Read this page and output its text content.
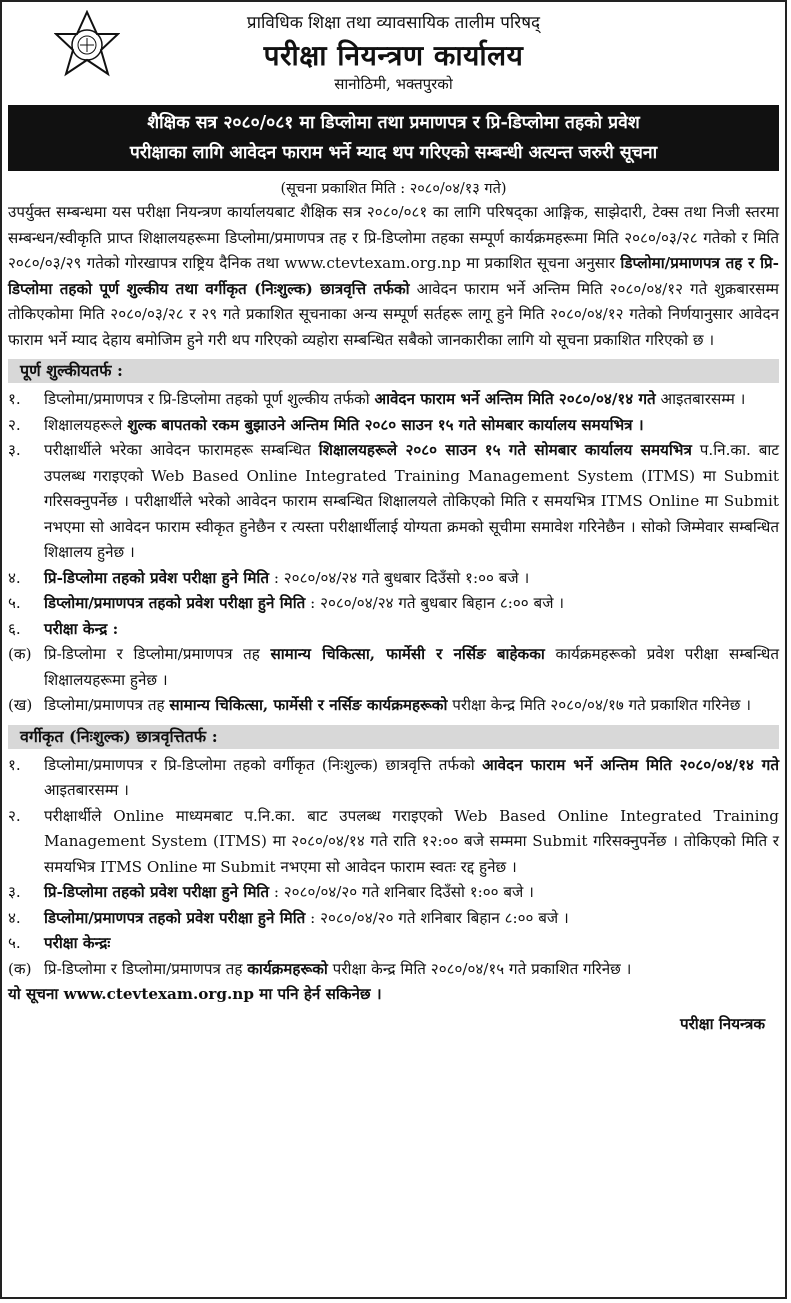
प्राविधिक शिक्षा तथा व्यावसायिक तालीम परिषद्
परीक्षा नियन्त्रण कार्यालय
सानोठिमी, भक्तपुरको
शैक्षिक सत्र २०८०/०८१ मा डिप्लोमा तथा प्रमाणपत्र र प्रि-डिप्लोमा तहको प्रवेश
परीक्षाका लागि आवेदन फाराम भर्ने म्याद थप गरिएको सम्बन्धी अत्यन्त जरुरी सूचना
(सूचना प्रकाशित मिति : २०८०/०४/१३ गते)

उपर्युक्त सम्बन्धमा यस परीक्षा नियन्त्रण कार्यालयबाट शैक्षिक सत्र २०८०/०८१ का लागि परिषद्का आङ्गिक, साझेदारी, टेक्स तथा निजी स्तरमा सम्बन्धन/स्वीकृति प्राप्त शिक्षालयहरूमा डिप्लोमा/प्रमाणपत्र तह र प्रि-डिप्लोमा तहका सम्पूर्ण कार्यक्रमहरूमा मिति २०८०/०३/२८ गतेको र मिति २०८०/०३/२९ गतेको गोरखापत्र राष्ट्रिय दैनिक तथा www.ctevtexam.org.np मा प्रकाशित सूचना अनुसार डिप्लोमा/प्रमाणपत्र तह र प्रि-डिप्लोमा तहको पूर्ण शुल्कीय तथा वर्गीकृत (निःशुल्क) छात्रवृत्ति तर्फको आवेदन फाराम भर्ने अन्तिम मिति २०८०/०४/१२ गते शुक्रबारसम्म तोकिएकोमा मिति २०८०/०३/२८ र २९ गते प्रकाशित सूचनाका अन्य सम्पूर्ण सर्तहरू लागू हुने मिति २०८०/०४/१२ गतेको निर्णयानुसार आवेदन फाराम भर्ने म्याद देहाय बमोजिम हुने गरी थप गरिएको व्यहोरा सम्बन्धित सबैको जानकारीका लागि यो सूचना प्रकाशित गरिएको छ ।

पूर्ण शुल्कीयतर्फ :
१.	डिप्लोमा/प्रमाणपत्र र प्रि-डिप्लोमा तहको पूर्ण शुल्कीय तर्फको आवेदन फाराम भर्ने अन्तिम मिति २०८०/०४/१४ गते आइतबारसम्म ।
२.	शिक्षालयहरूले शुल्क बापतको रकम बुझाउने अन्तिम मिति २०८० साउन १५ गते सोमबार कार्यालय समयभित्र ।
३.	परीक्षार्थीले भरेका आवेदन फारामहरू सम्बन्धित शिक्षालयहरूले २०८० साउन १५ गते सोमबार कार्यालय समयभित्र प.नि.का. बाट उपलब्ध गराइएको Web Based Online Integrated Training Management System (ITMS) मा Submit गरिसक्नुपर्नेछ । परीक्षार्थीले भरेको आवेदन फाराम सम्बन्धित शिक्षालयले तोकिएको मिति र समयभित्र ITMS Online मा Submit नभएमा सो आवेदन फाराम स्वीकृत हुनेछैन र त्यस्ता परीक्षार्थीलाई योग्यता क्रमको सूचीमा समावेश गरिनेछैन । सोको जिम्मेवार सम्बन्धित शिक्षालय हुनेछ ।
४.	प्रि-डिप्लोमा तहको प्रवेश परीक्षा हुने मिति : २०८०/०४/२४ गते बुधबार दिउँसो १:०० बजे ।
५.	डिप्लोमा/प्रमाणपत्र तहको प्रवेश परीक्षा हुने मिति : २०८०/०४/२४ गते बुधबार बिहान ८:०० बजे ।
६.	परीक्षा केन्द्र :
(क) प्रि-डिप्लोमा र डिप्लोमा/प्रमाणपत्र तह सामान्य चिकित्सा, फार्मेसी र नर्सिङ बाहेकका कार्यक्रमहरूको प्रवेश परीक्षा सम्बन्धित शिक्षालयहरूमा हुनेछ ।
(ख) डिप्लोमा/प्रमाणपत्र तह सामान्य चिकित्सा, फार्मेसी र नर्सिङ कार्यक्रमहरूको परीक्षा केन्द्र मिति २०८०/०४/१७ गते प्रकाशित गरिनेछ ।
वर्गीकृत (निःशुल्क) छात्रवृत्तितर्फ :
१.	डिप्लोमा/प्रमाणपत्र र प्रि-डिप्लोमा तहको वर्गीकृत (निःशुल्क) छात्रवृत्ति तर्फको आवेदन फाराम भर्ने अन्तिम मिति २०८०/०४/१४ गते आइतबारसम्म ।
२.	परीक्षार्थीले Online माध्यमबाट प.नि.का. बाट उपलब्ध गराइएको Web Based Online Integrated Training Management System (ITMS) मा २०८०/०४/१४ गते राति १२:०० बजे सम्ममा Submit गरिसक्नुपर्नेछ । तोकिएको मिति र समयभित्र ITMS Online मा Submit नभएमा सो आवेदन फाराम स्वतः रद्द हुनेछ ।
३.	प्रि-डिप्लोमा तहको प्रवेश परीक्षा हुने मिति : २०८०/०४/२० गते शनिबार दिउँसो १:०० बजे ।
४.	डिप्लोमा/प्रमाणपत्र तहको प्रवेश परीक्षा हुने मिति : २०८०/०४/२० गते शनिबार बिहान ८:०० बजे ।
५.	परीक्षा केन्द्रः
(क) प्रि-डिप्लोमा र डिप्लोमा/प्रमाणपत्र तह कार्यक्रमहरूको परीक्षा केन्द्र मिति २०८०/०४/१५ गते प्रकाशित गरिनेछ ।
यो सूचना www.ctevtexam.org.np मा पनि हेर्न सकिनेछ ।
परीक्षा नियन्त्रक
